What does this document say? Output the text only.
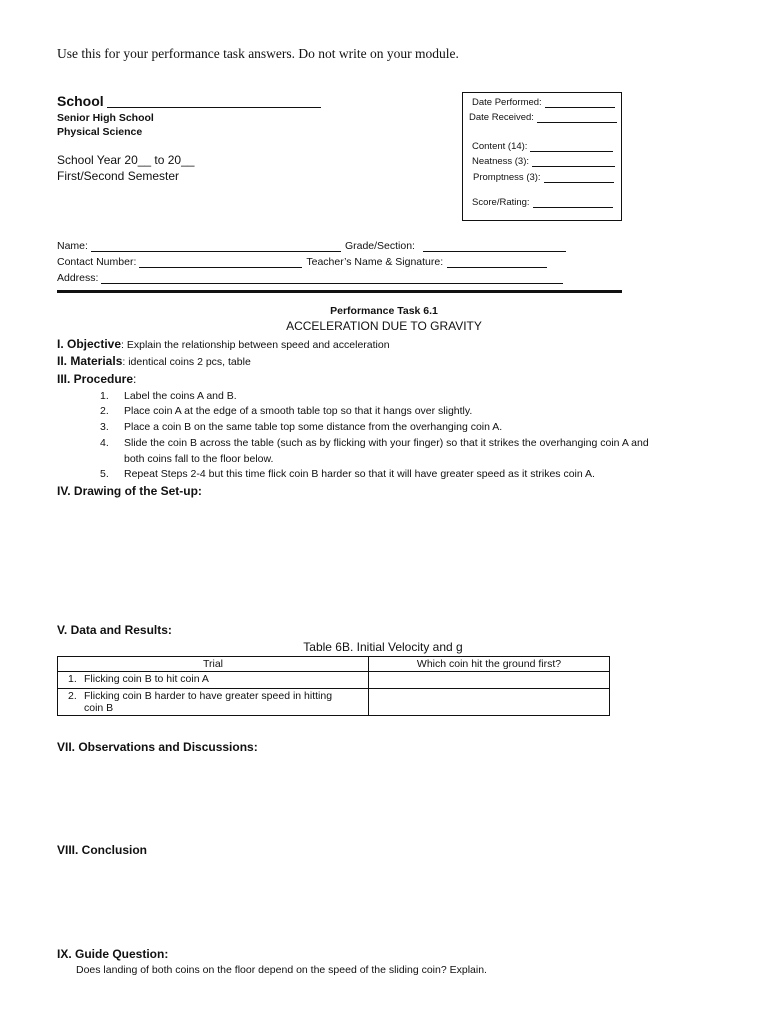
Use this for your performance task answers. Do not write on your module.
School
Senior High School
Physical Science
School Year 20__ to 20__
First/Second Semester
Date Performed:
Date Received:
Content (14):
Neatness (3):
Promptness (3):
Score/Rating:
Name:	Grade/Section:
Contact Number:	Teacher’s Name & Signature:
Address:
Performance Task 6.1
ACCELERATION DUE TO GRAVITY
I. Objective: Explain the relationship between speed and acceleration
II. Materials: identical coins 2 pcs, table
III. Procedure:
1. Label the coins A and B.
2. Place coin A at the edge of a smooth table top so that it hangs over slightly.
3. Place a coin B on the same table top some distance from the overhanging coin A.
4. Slide the coin B across the table (such as by flicking with your finger) so that it strikes the overhanging coin A and
both coins fall to the floor below.
5. Repeat Steps 2-4 but this time flick coin B harder so that it will have greater speed as it strikes coin A.
IV. Drawing of the Set-up:
V. Data and Results:
Table 6B. Initial Velocity and g
Trial	Which coin hit the ground first?
1. Flicking coin B to hit coin A	
2. Flicking coin B harder to have greater speed in hitting
coin B	
VII. Observations and Discussions:
VIII. Conclusion
IX. Guide Question:
Does landing of both coins on the floor depend on the speed of the sliding coin? Explain.
